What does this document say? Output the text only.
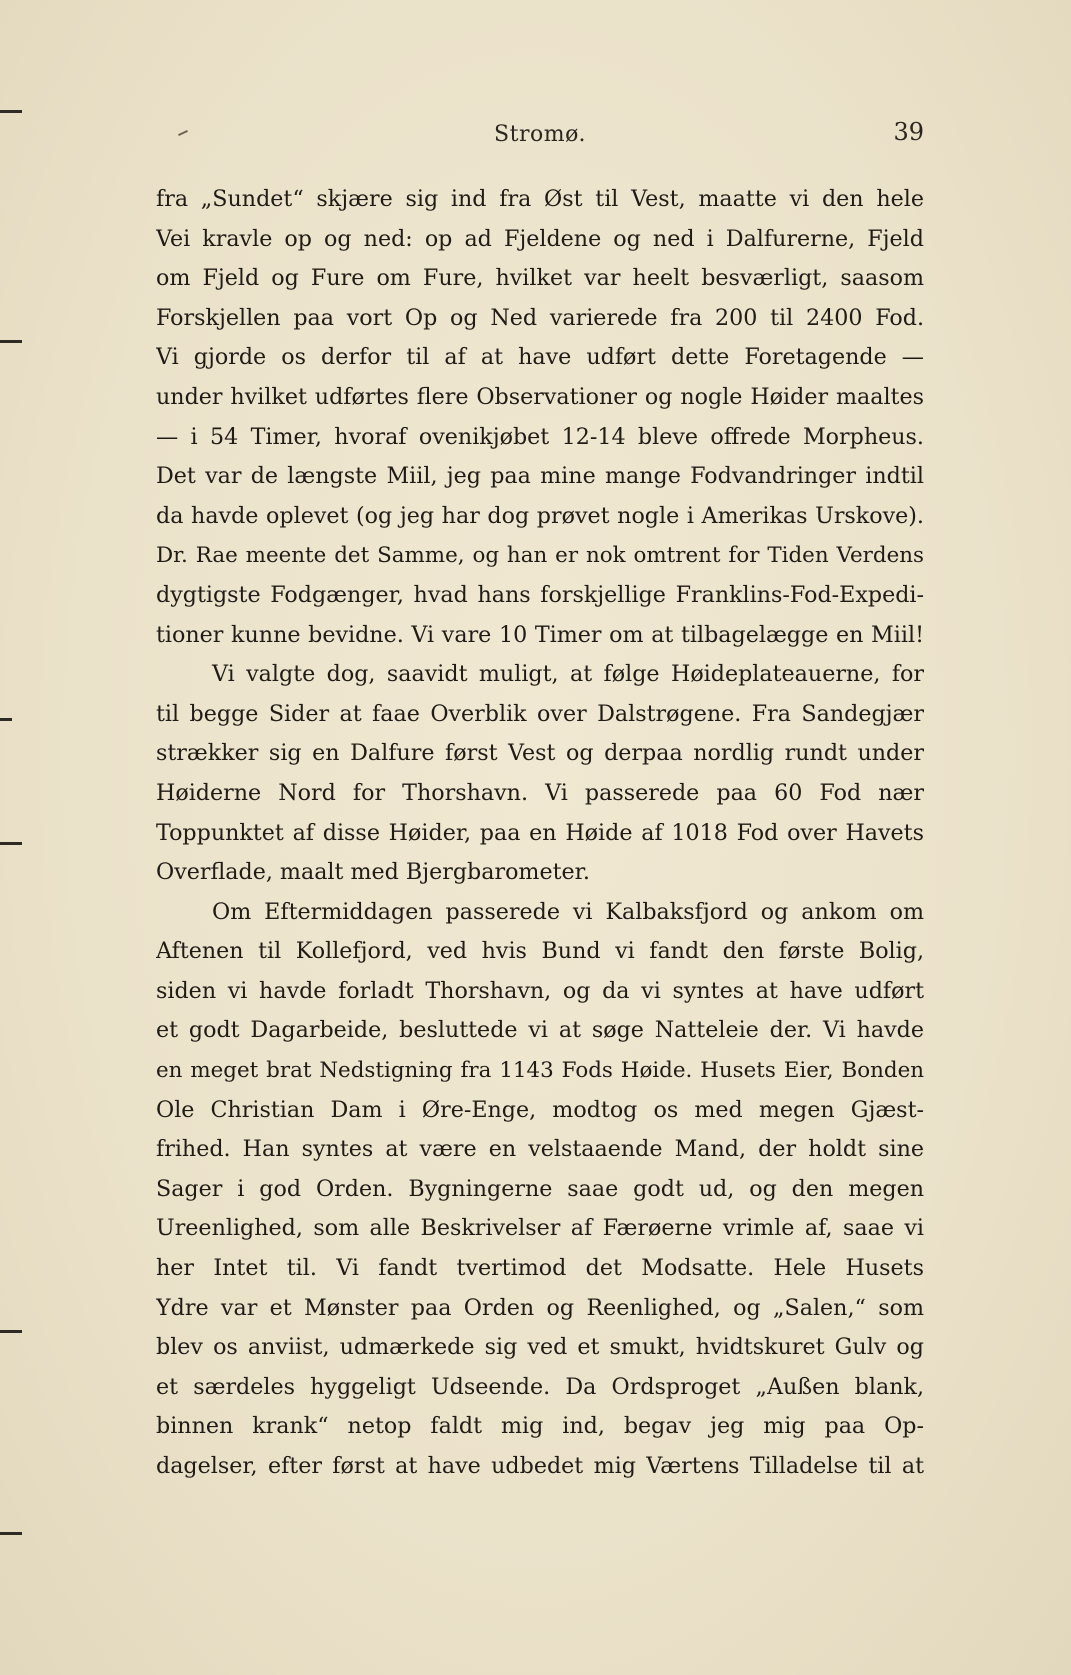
Stromø.	39
fra „Sundet“ skjære sig ind fra Øst til Vest, maatte vi den hele
Vei kravle op og ned: op ad Fjeldene og ned i Dalfurerne, Fjeld
om Fjeld og Fure om Fure, hvilket var heelt besværligt, saasom
Forskjellen paa vort Op og Ned varierede fra 200 til 2400 Fod.
Vi gjorde os derfor til af at have udført dette Foretagende —
under hvilket udførtes flere Observationer og nogle Høider maaltes
— i 54 Timer, hvoraf ovenikjøbet 12-14 bleve offrede Morpheus.
Det var de længste Miil, jeg paa mine mange Fodvandringer indtil
da havde oplevet (og jeg har dog prøvet nogle i Amerikas Urskove).
Dr. Rae meente det Samme, og han er nok omtrent for Tiden Verdens
dygtigste Fodgænger, hvad hans forskjellige Franklins-Fod-Expedi-
tioner kunne bevidne. Vi vare 10 Timer om at tilbagelægge en Miil!
Vi valgte dog, saavidt muligt, at følge Høideplateauerne, for
til begge Sider at faae Overblik over Dalstrøgene. Fra Sandegjær
strækker sig en Dalfure først Vest og derpaa nordlig rundt under
Høiderne Nord for Thorshavn. Vi passerede paa 60 Fod nær
Toppunktet af disse Høider, paa en Høide af 1018 Fod over Havets
Overflade, maalt med Bjergbarometer.
Om Eftermiddagen passerede vi Kalbaksfjord og ankom om
Aftenen til Kollefjord, ved hvis Bund vi fandt den første Bolig,
siden vi havde forladt Thorshavn, og da vi syntes at have udført
et godt Dagarbeide, besluttede vi at søge Natteleie der. Vi havde
en meget brat Nedstigning fra 1143 Fods Høide. Husets Eier, Bonden
Ole Christian Dam i Øre-Enge, modtog os med megen Gjæst-
frihed. Han syntes at være en velstaaende Mand, der holdt sine
Sager i god Orden. Bygningerne saae godt ud, og den megen
Ureenlighed, som alle Beskrivelser af Færøerne vrimle af, saae vi
her Intet til. Vi fandt tvertimod det Modsatte. Hele Husets
Ydre var et Mønster paa Orden og Reenlighed, og „Salen,“ som
blev os anviist, udmærkede sig ved et smukt, hvidtskuret Gulv og
et særdeles hyggeligt Udseende. Da Ordsproget „Außen blank,
binnen krank“ netop faldt mig ind, begav jeg mig paa Op-
dagelser, efter først at have udbedet mig Værtens Tilladelse til at
